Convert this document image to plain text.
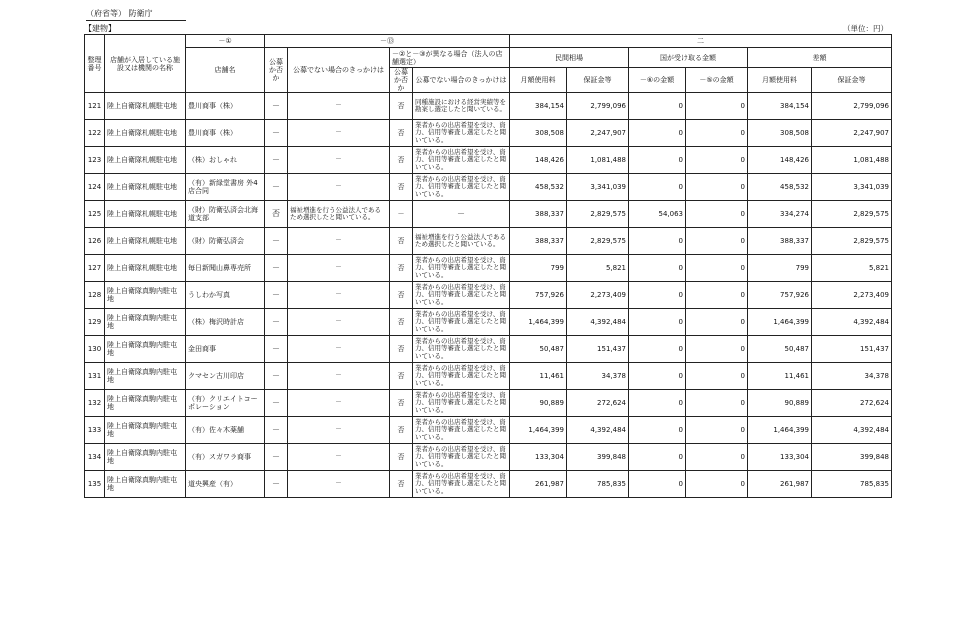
（府省等） 防衛庁
【建物】	（単位：円）
整理番号	店舗が入居している施設又は機関の名称	－①	－⑬				二					
		店舗名	公募か否か	公募でない場合のきっかけは	－②と－③が異なる場合（法人の店舗選定）		民間相場		国が受け取る金額		差額	
					公募か否か	公募でない場合のきっかけは	月額使用料	保証金等	－⑥の金額	－⑤の金額	月額使用料	保証金等
121	陸上自衛隊札幌駐屯地	豊川商事（株）	－	－	否	同種施設における経営実績等を勘案し選定したと聞いている。	384,154	2,799,096	0	0	384,154	2,799,096
122	陸上自衛隊札幌駐屯地	豊川商事（株）	－	－	否	業者からの出店希望を受け、資力、信用等審査し選定したと聞いている。	308,508	2,247,907	0	0	308,508	2,247,907
123	陸上自衛隊札幌駐屯地	（株）おしゃれ	－	－	否	業者からの出店希望を受け、資力、信用等審査し選定したと聞いている。	148,426	1,081,488	0	0	148,426	1,081,488
124	陸上自衛隊札幌駐屯地	（有）新緑堂書房 外4店合同	－	－	否	業者からの出店希望を受け、資力、信用等審査し選定したと聞いている。	458,532	3,341,039	0	0	458,532	3,341,039
125	陸上自衛隊札幌駐屯地	（財）防衛弘済会北海道支部	否	福祉増進を行う公益法人であるため選択したと聞いている。	－	－	388,337	2,829,575	54,063	0	334,274	2,829,575
126	陸上自衛隊札幌駐屯地	（財）防衛弘済会	－	－	否	福祉増進を行う公益法人であるため選択したと聞いている。	388,337	2,829,575	0	0	388,337	2,829,575
127	陸上自衛隊札幌駐屯地	毎日新聞山鼻専売所	－	－	否	業者からの出店希望を受け、資力、信用等審査し選定したと聞いている。	799	5,821	0	0	799	5,821
128	陸上自衛隊真駒内駐屯地	うしわか写真	－	－	否	業者からの出店希望を受け、資力、信用等審査し選定したと聞いている。	757,926	2,273,409	0	0	757,926	2,273,409
129	陸上自衛隊真駒内駐屯地	（株）梅沢時計店	－	－	否	業者からの出店希望を受け、資力、信用等審査し選定したと聞いている。	1,464,399	4,392,484	0	0	1,464,399	4,392,484
130	陸上自衛隊真駒内駐屯地	金田商事	－	－	否	業者からの出店希望を受け、資力、信用等審査し選定したと聞いている。	50,487	151,437	0	0	50,487	151,437
131	陸上自衛隊真駒内駐屯地	クマセン古川印店	－	－	否	業者からの出店希望を受け、資力、信用等審査し選定したと聞いている。	11,461	34,378	0	0	11,461	34,378
132	陸上自衛隊真駒内駐屯地	（有）クリエイトコーポレーション	－	－	否	業者からの出店希望を受け、資力、信用等審査し選定したと聞いている。	90,889	272,624	0	0	90,889	272,624
133	陸上自衛隊真駒内駐屯地	（有）佐々木薬舗	－	－	否	業者からの出店希望を受け、資力、信用等審査し選定したと聞いている。	1,464,399	4,392,484	0	0	1,464,399	4,392,484
134	陸上自衛隊真駒内駐屯地	（有）スガワラ商事	－	－	否	業者からの出店希望を受け、資力、信用等審査し選定したと聞いている。	133,304	399,848	0	0	133,304	399,848
135	陸上自衛隊真駒内駐屯地	道央興産（有）	－	－	否	業者からの出店希望を受け、資力、信用等審査し選定したと聞いている。	261,987	785,835	0	0	261,987	785,835
